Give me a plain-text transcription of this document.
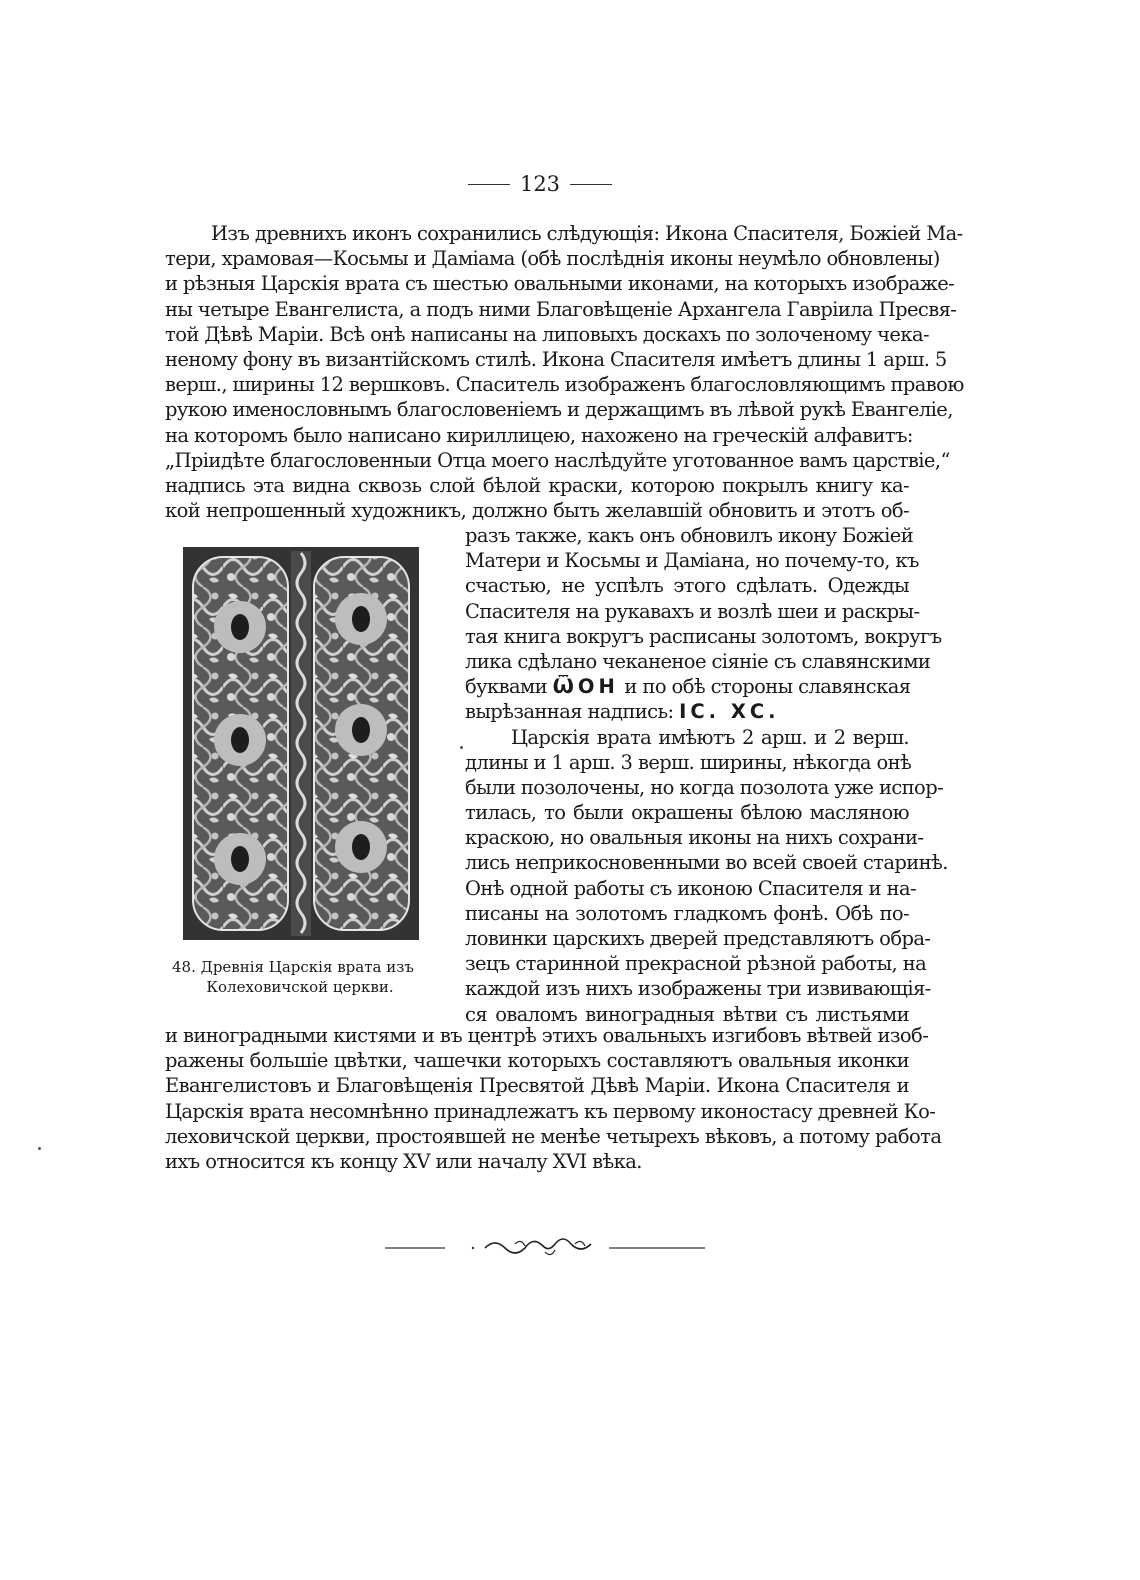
123
Изъ древнихъ иконъ сохранились слѣдующія: Икона Спасителя, Божіей Ма-
тери, храмовая—Косьмы и Даміама (обѣ послѣднія иконы неумѣло обновлены)
и рѣзныя Царскія врата съ шестью овальными иконами, на которыхъ изображе-
ны четыре Евангелиста, а подъ ними Благовѣщеніе Архангела Гавріила Пресвя-
той Дѣвѣ Маріи. Всѣ онѣ написаны на липовыхъ доскахъ по золоченому чека-
неному фону въ византійскомъ стилѣ. Икона Спасителя имѣетъ длины 1 арш. 5
верш., ширины 12 вершковъ. Спаситель изображенъ благословляющимъ правою
рукою именословнымъ благословеніемъ и держащимъ въ лѣвой рукѣ Евангеліе,
на которомъ было написано кириллицею, нахожено на греческій алфавитъ:
„Пріидѣте благословенныи Отца моего наслѣдуйте уготованное вамъ царствіе,“
надпись эта видна сквозь слой бѣлой краски, которою покрылъ книгу ка-
кой непрошенный художникъ, должно быть желавшій обновить и этотъ об-
разъ также, какъ онъ обновилъ икону Божіей
Матери и Косьмы и Даміана, но почему-то, къ
счастью, не успѣлъ этого сдѣлать. Одежды
Спасителя на рукавахъ и возлѣ шеи и раскры-
тая книга вокругъ расписаны золотомъ, вокругъ
лика сдѣлано чеканеное сіяніе съ славянскими
буквами ѾОН и по обѣ стороны славянская
вырѣзанная надпись: ІС. ХС.
Царскія врата имѣютъ 2 арш. и 2 верш.
длины и 1 арш. 3 верш. ширины, нѣкогда онѣ
были позолочены, но когда позолота уже испор-
тилась, то были окрашены бѣлою масляною
краскою, но овальныя иконы на нихъ сохрани-
лись неприкосновенными во всей своей старинѣ.
Онѣ одной работы съ иконою Спасителя и на-
писаны на золотомъ гладкомъ фонѣ. Обѣ по-
ловинки царскихъ дверей представляютъ обра-
зецъ старинной прекрасной рѣзной работы, на
каждой изъ нихъ изображены три извивающія-
ся оваломъ виноградныя вѣтви съ листьями
и виноградными кистями и въ центрѣ этихъ овальныхъ изгибовъ вѣтвей изоб-
ражены большіе цвѣтки, чашечки которыхъ составляютъ овальныя иконки
Евангелистовъ и Благовѣщенія Пресвятой Дѣвѣ Маріи. Икона Спасителя и
Царскія врата несомнѣнно принадлежатъ къ первому иконостасу древней Ко-
леховичской церкви, простоявшей не менѣе четырехъ вѣковъ, а потому работа
ихъ относится къ концу XV или началу XVI вѣка.
48. Древнія Царскія врата изъ
Колеховичской церкви.
